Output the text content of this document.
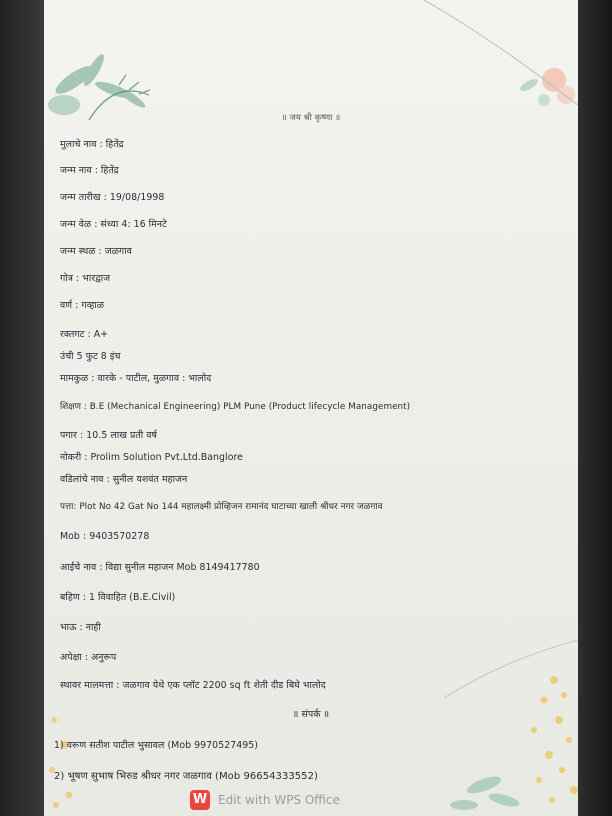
॥ जय श्री कृष्णा ॥
मुलाचे नाव : हितेंद्र
जन्म नाव : हितेंद्र
जन्म तारीख : 19/08/1998
जन्म वेळ : संध्या 4: 16 मिनटे
जन्म स्थळ : जळगाव
गोत्र : भारद्वाज
वर्ण : गव्हाळ
रक्तगट : A+
उंची 5 फुट 8 इंच
मामकुळ : वारके - पाटील, मुळगाव : भालोद
शिक्षण : B.E (Mechanical Engineering) PLM Pune (Product lifecycle Management)
पगार : 10.5 लाख प्रती वर्ष
नोकरी : Prolim Solution Pvt.Ltd.Banglore
वडिलांचे नाव : सुनील यशवंत महाजन
पत्ता: Plot No 42 Gat No 144 महालक्ष्मी प्रोव्हिजन रामानंद घाटाच्या खाली श्रीधर नगर जळगाव
Mob : 9403570278
आईचे नाव : विद्या सुनील महाजन Mob 8149417780
बहिण : 1 विवाहित (B.E.Civil)
भाऊ : नाही
अपेक्षा : अनुरूप
स्थावर मालमत्ता : जळगाव येथे एक प्लॉट 2200 sq ft शेती दीड बिघे भालोद
॥ संपर्क ॥
1) वरूण सतीश पाटील भुसावल (Mob 9970527495)
2) भूषण सुभाष भिरुड श्रीधर नगर जळगाव (Mob 96654333552)
W Edit with WPS Office
